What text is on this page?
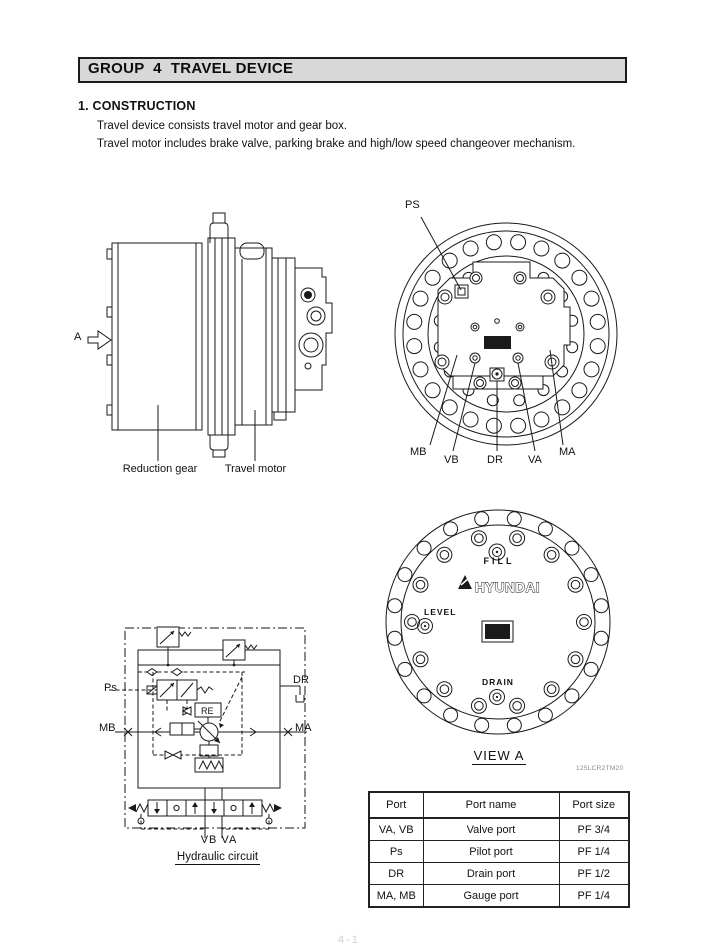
GROUP  4  TRAVEL DEVICE
1. CONSTRUCTION
Travel device consists travel motor and gear box.
Travel motor includes brake valve, parking brake and high/low speed changeover mechanism.
A
Reduction gear	Travel motor
PS
MB
VB	DR VA
MA
HYUNDAI
FILL
LEVEL
DRAIN
VIEW A
125LCR2TM20
RE
Ps
DR
MB	MA
VB VA
Hydraulic circuit
Port	Port name	Port size
VA, VB	Valve port	PF 3/4
Ps	Pilot port	PF 1/4
DR	Drain port	PF 1/2
MA, MB	Gauge port	PF 1/4
4-1
